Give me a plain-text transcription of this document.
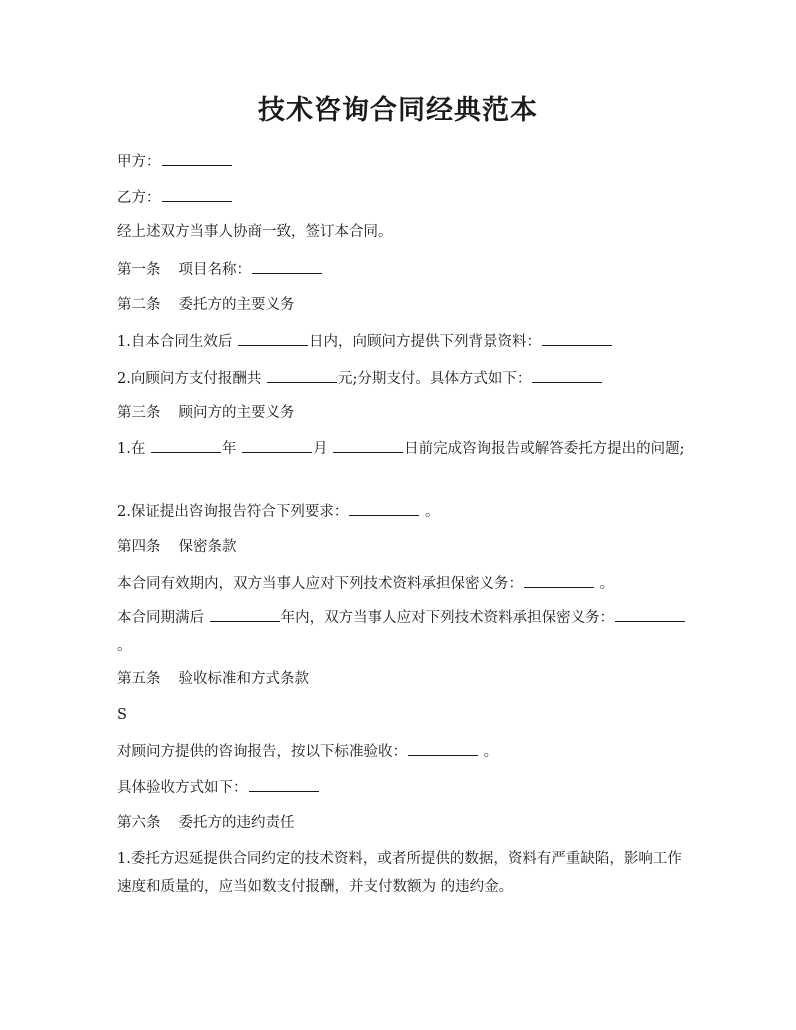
技术咨询合同经典范本
甲方：
乙方：
经上述双方当事人协商一致，签订本合同。
第一条 项目名称：
第二条 委托方的主要义务
1.自本合同生效后	日内，向顾问方提供下列背景资料：
2.向顾问方支付报酬共	元;分期支付。具体方式如下：
第三条 顾问方的主要义务
1.在	年	月	日前完成咨询报告或解答委托方提出的问题;
2.保证提出咨询报告符合下列要求：	。
第四条 保密条款
本合同有效期内，双方当事人应对下列技术资料承担保密义务：	。
本合同期满后	年内，双方当事人应对下列技术资料承担保密义务： 。
第五条 验收标准和方式条款
S
对顾问方提供的咨询报告，按以下标准验收：	。
具体验收方式如下：
第六条 委托方的违约责任
1.委托方迟延提供合同约定的技术资料，或者所提供的数据，资料有严重缺陷，影响工作速度和质量的，应当如数支付报酬，并支付数额为 的违约金。
